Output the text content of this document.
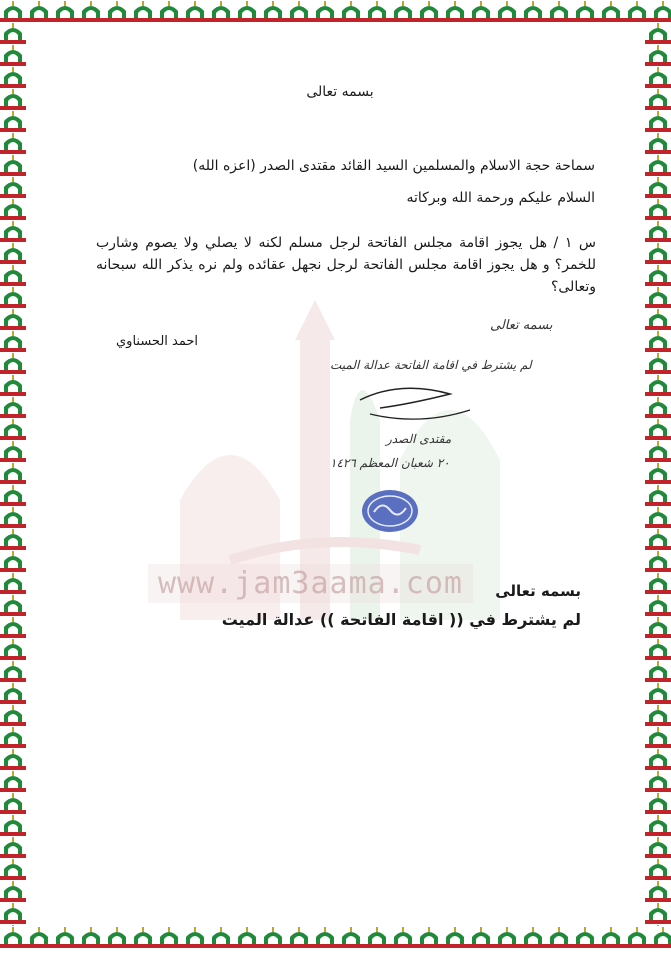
www.jam3aama.com
بسمه تعالى
سماحة حجة الاسلام والمسلمين السيد القائد مقتدى الصدر (اعزه الله)
السلام عليكم ورحمة الله وبركاته
س ١ / هل يجوز اقامة مجلس الفاتحة لرجل مسلم لكنه لا يصلي ولا يصوم وشارب للخمر؟ و هل يجوز اقامة مجلس الفاتحة لرجل نجهل عقائده ولم نره يذكر الله سبحانه وتعالى؟
احمد الحسناوي
بسمه تعالى
لم يشترط في اقامة الفاتحة عدالة الميت
مقتدى الصدر
٢٠ شعبان المعظم ١٤٢٦
بسمه تعالى
لم يشترط في (( اقامة الفاتحة )) عدالة الميت
